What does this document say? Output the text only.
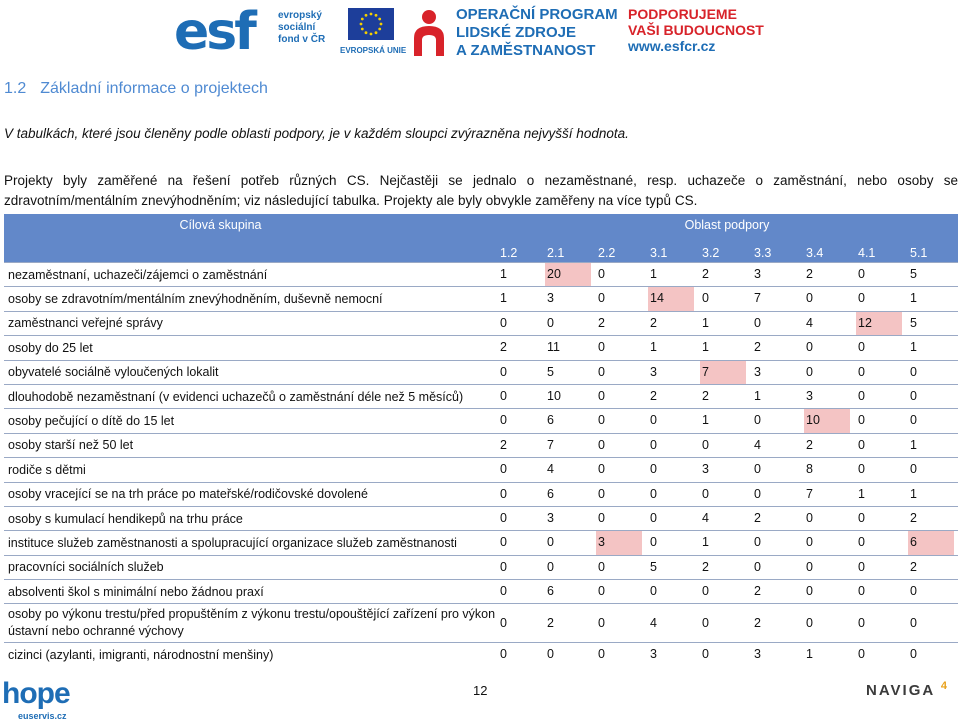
esf evropský
sociální
fond v ČR
EVROPSKÁ UNIE
OPERAČNÍ PROGRAM
LIDSKÉ ZDROJE
A ZAMĚSTNANOST
PODPORUJEME
VAŠI BUDOUCNOST
www.esfcr.cz
1.2 Základní informace o projektech
V tabulkách, které jsou členěny podle oblasti podpory, je v každém sloupci zvýrazněna nejvyšší hodnota.
Projekty byly zaměřené na řešení potřeb různých CS. Nejčastěji se jednalo o nezaměstnané, resp. uchazeče o zaměstnání, nebo osoby se zdravotním/mentálním znevýhodněním; viz následující tabulka. Projekty ale byly obvykle zaměřeny na více typů CS.
Cílová skupina	Oblast podpory								
	1.2	2.1	2.2	3.1	3.2	3.3	3.4	4.1	5.1
nezaměstnaní, uchazeči/zájemci o zaměstnání	1	20	0	1	2	3	2	0	5
osoby se zdravotním/mentálním znevýhodněním, duševně nemocní	1	3	0	14	0	7	0	0	1
zaměstnanci veřejné správy	0	0	2	2	1	0	4	12	5
osoby do 25 let	2	11	0	1	1	2	0	0	1
obyvatelé sociálně vyloučených lokalit	0	5	0	3	7	3	0	0	0
dlouhodobě nezaměstnaní (v evidenci uchazečů o zaměstnání déle než 5 měsíců)	0	10	0	2	2	1	3	0	0
osoby pečující o dítě do 15 let	0	6	0	0	1	0	10	0	0
osoby starší než 50 let	2	7	0	0	0	4	2	0	1
rodiče s dětmi	0	4	0	0	3	0	8	0	0
osoby vracející se na trh práce po mateřské/rodičovské dovolené	0	6	0	0	0	0	7	1	1
osoby s kumulací hendikepů na trhu práce	0	3	0	0	4	2	0	0	2
instituce služeb zaměstnanosti a spolupracující organizace služeb zaměstnanosti	0	0	3	0	1	0	0	0	6
pracovníci sociálních služeb	0	0	0	5	2	0	0	0	2
absolventi škol s minimální nebo žádnou praxí	0	6	0	0	0	2	0	0	0
osoby po výkonu trestu/před propuštěním z výkonu trestu/opouštějící zařízení pro výkon ústavní nebo ochranné výchovy	0	2	0	4	0	2	0	0	0
cizinci (azylanti, imigranti, národnostní menšiny)	0	0	0	3	0	3	1	0	0
12
hope
euservis.cz
NAVIGA $^4$
